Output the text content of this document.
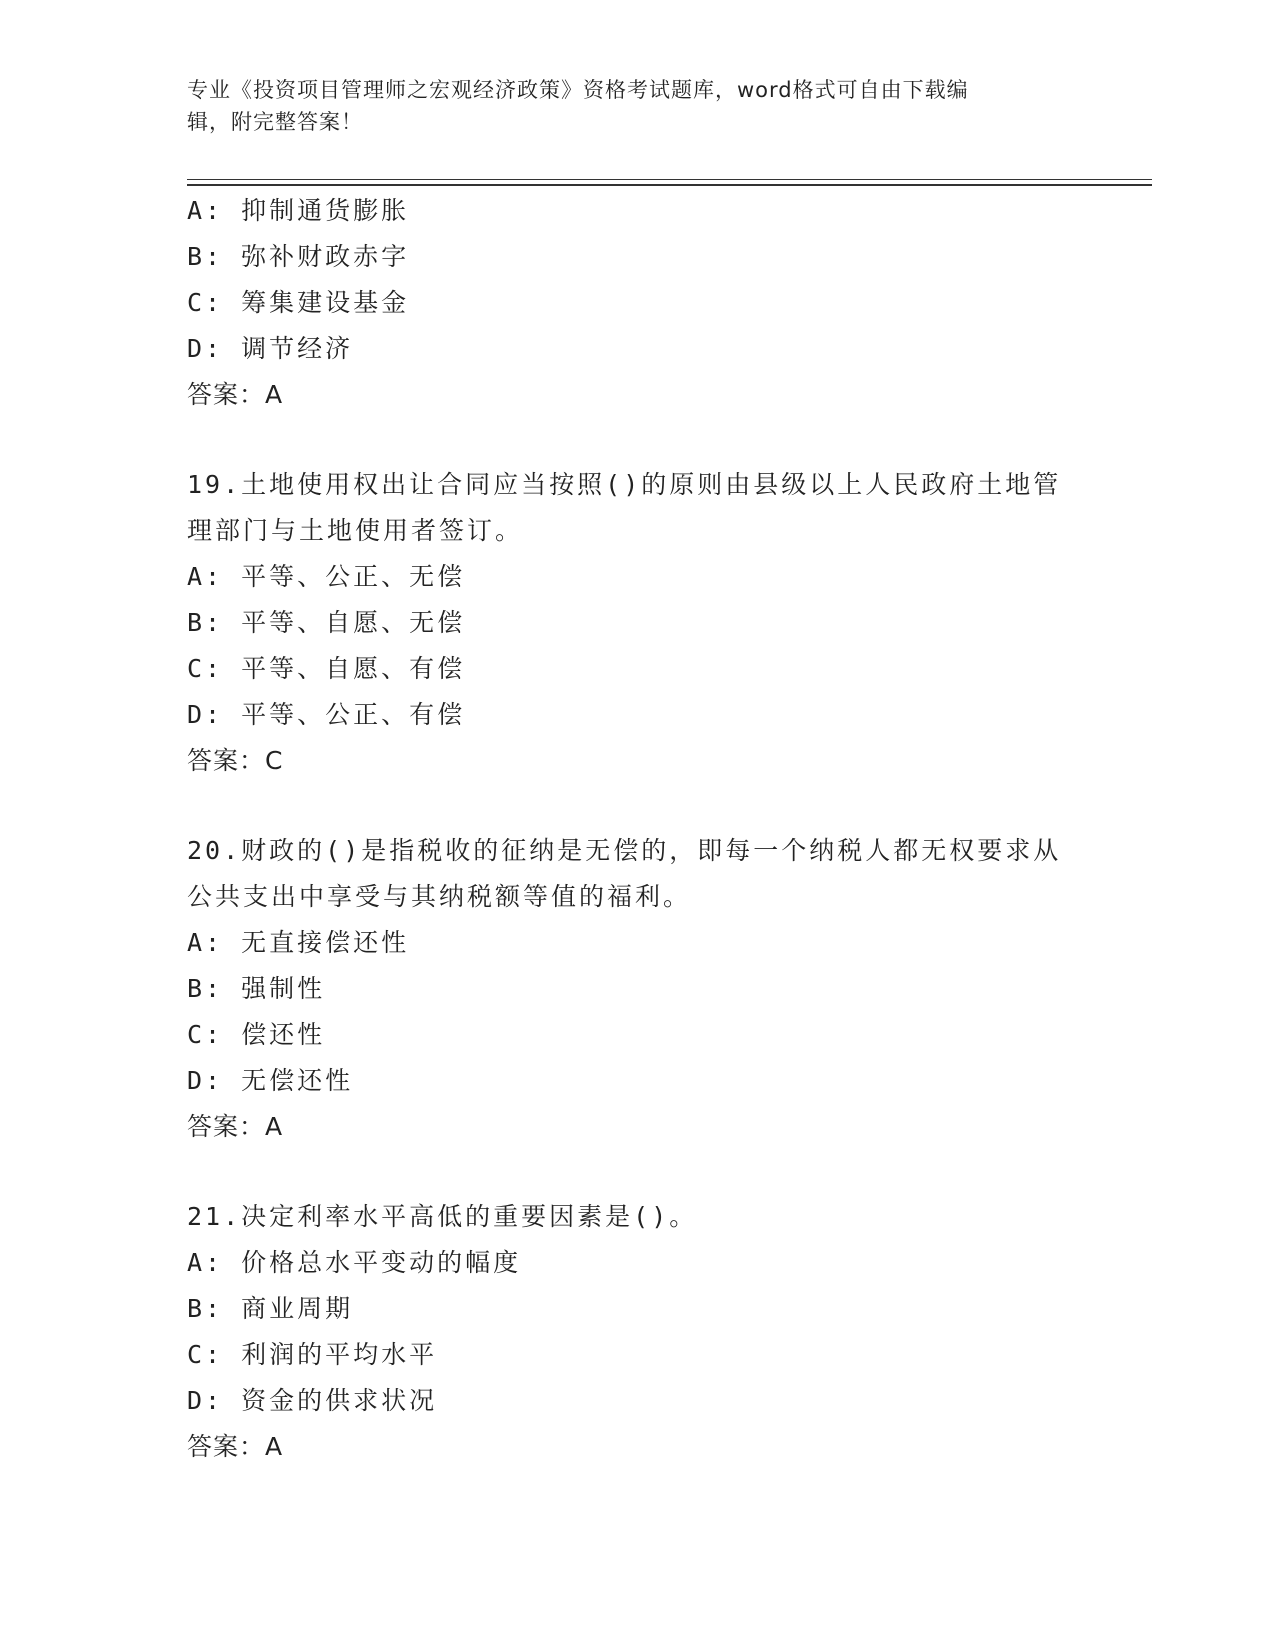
专业《投资项目管理师之宏观经济政策》资格考试题库，word格式可自由下载编
辑，附完整答案！
A: 抑制通货膨胀
B: 弥补财政赤字
C: 筹集建设基金
D: 调节经济
答案：A
19.土地使用权出让合同应当按照()的原则由县级以上人民政府土地管
理部门与土地使用者签订。
A: 平等、公正、无偿
B: 平等、自愿、无偿
C: 平等、自愿、有偿
D: 平等、公正、有偿
答案：C
20.财政的()是指税收的征纳是无偿的，即每一个纳税人都无权要求从
公共支出中享受与其纳税额等值的福利。
A: 无直接偿还性
B: 强制性
C: 偿还性
D: 无偿还性
答案：A
21.决定利率水平高低的重要因素是()。
A: 价格总水平变动的幅度
B: 商业周期
C: 利润的平均水平
D: 资金的供求状况
答案：A
